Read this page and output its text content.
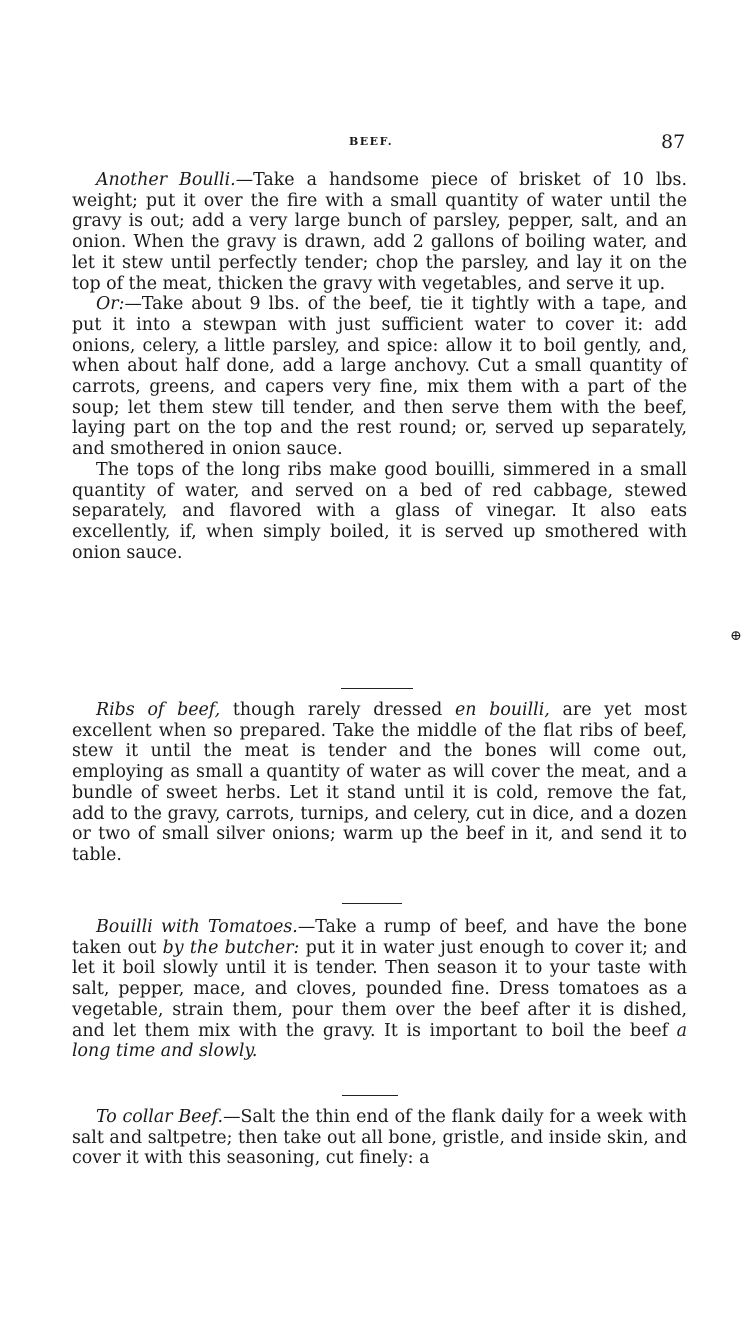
BEEF.	87

Another Boulli.—Take a handsome piece of brisket of 10 lbs. weight; put it over the fire with a small quantity of water until the gravy is out; add a very large bunch of parsley, pepper, salt, and an onion. When the gravy is drawn, add 2 gallons of boiling water, and let it stew until perfectly tender; chop the parsley, and lay it on the top of the meat, thicken the gravy with vegetables, and serve it up.

Or:—Take about 9 lbs. of the beef, tie it tightly with a tape, and put it into a stewpan with just sufficient water to cover it: add onions, celery, a little parsley, and spice: allow it to boil gently, and, when about half done, add a large anchovy. Cut a small quantity of carrots, greens, and capers very fine, mix them with a part of the soup; let them stew till tender, and then serve them with the beef, laying part on the top and the rest round; or, served up separately, and smothered in onion sauce.

The tops of the long ribs make good bouilli, simmered in a small quantity of water, and served on a bed of red cabbage, stewed separately, and flavored with a glass of vinegar. It also eats excellently, if, when simply boiled, it is served up smothered with onion sauce.

⊕

Ribs of beef, though rarely dressed en bouilli, are yet most excellent when so prepared. Take the middle of the flat ribs of beef, stew it until the meat is tender and the bones will come out, employing as small a quantity of water as will cover the meat, and a bundle of sweet herbs. Let it stand until it is cold, remove the fat, add to the gravy, carrots, turnips, and celery, cut in dice, and a dozen or two of small silver onions; warm up the beef in it, and send it to table.

Bouilli with Tomatoes.—Take a rump of beef, and have the bone taken out by the butcher: put it in water just enough to cover it; and let it boil slowly until it is tender. Then season it to your taste with salt, pepper, mace, and cloves, pounded fine. Dress tomatoes as a vegetable, strain them, pour them over the beef after it is dished, and let them mix with the gravy. It is important to boil the beef a long time and slowly.

To collar Beef.—Salt the thin end of the flank daily for a week with salt and saltpetre; then take out all bone, gristle, and inside skin, and cover it with this seasoning, cut finely: a
